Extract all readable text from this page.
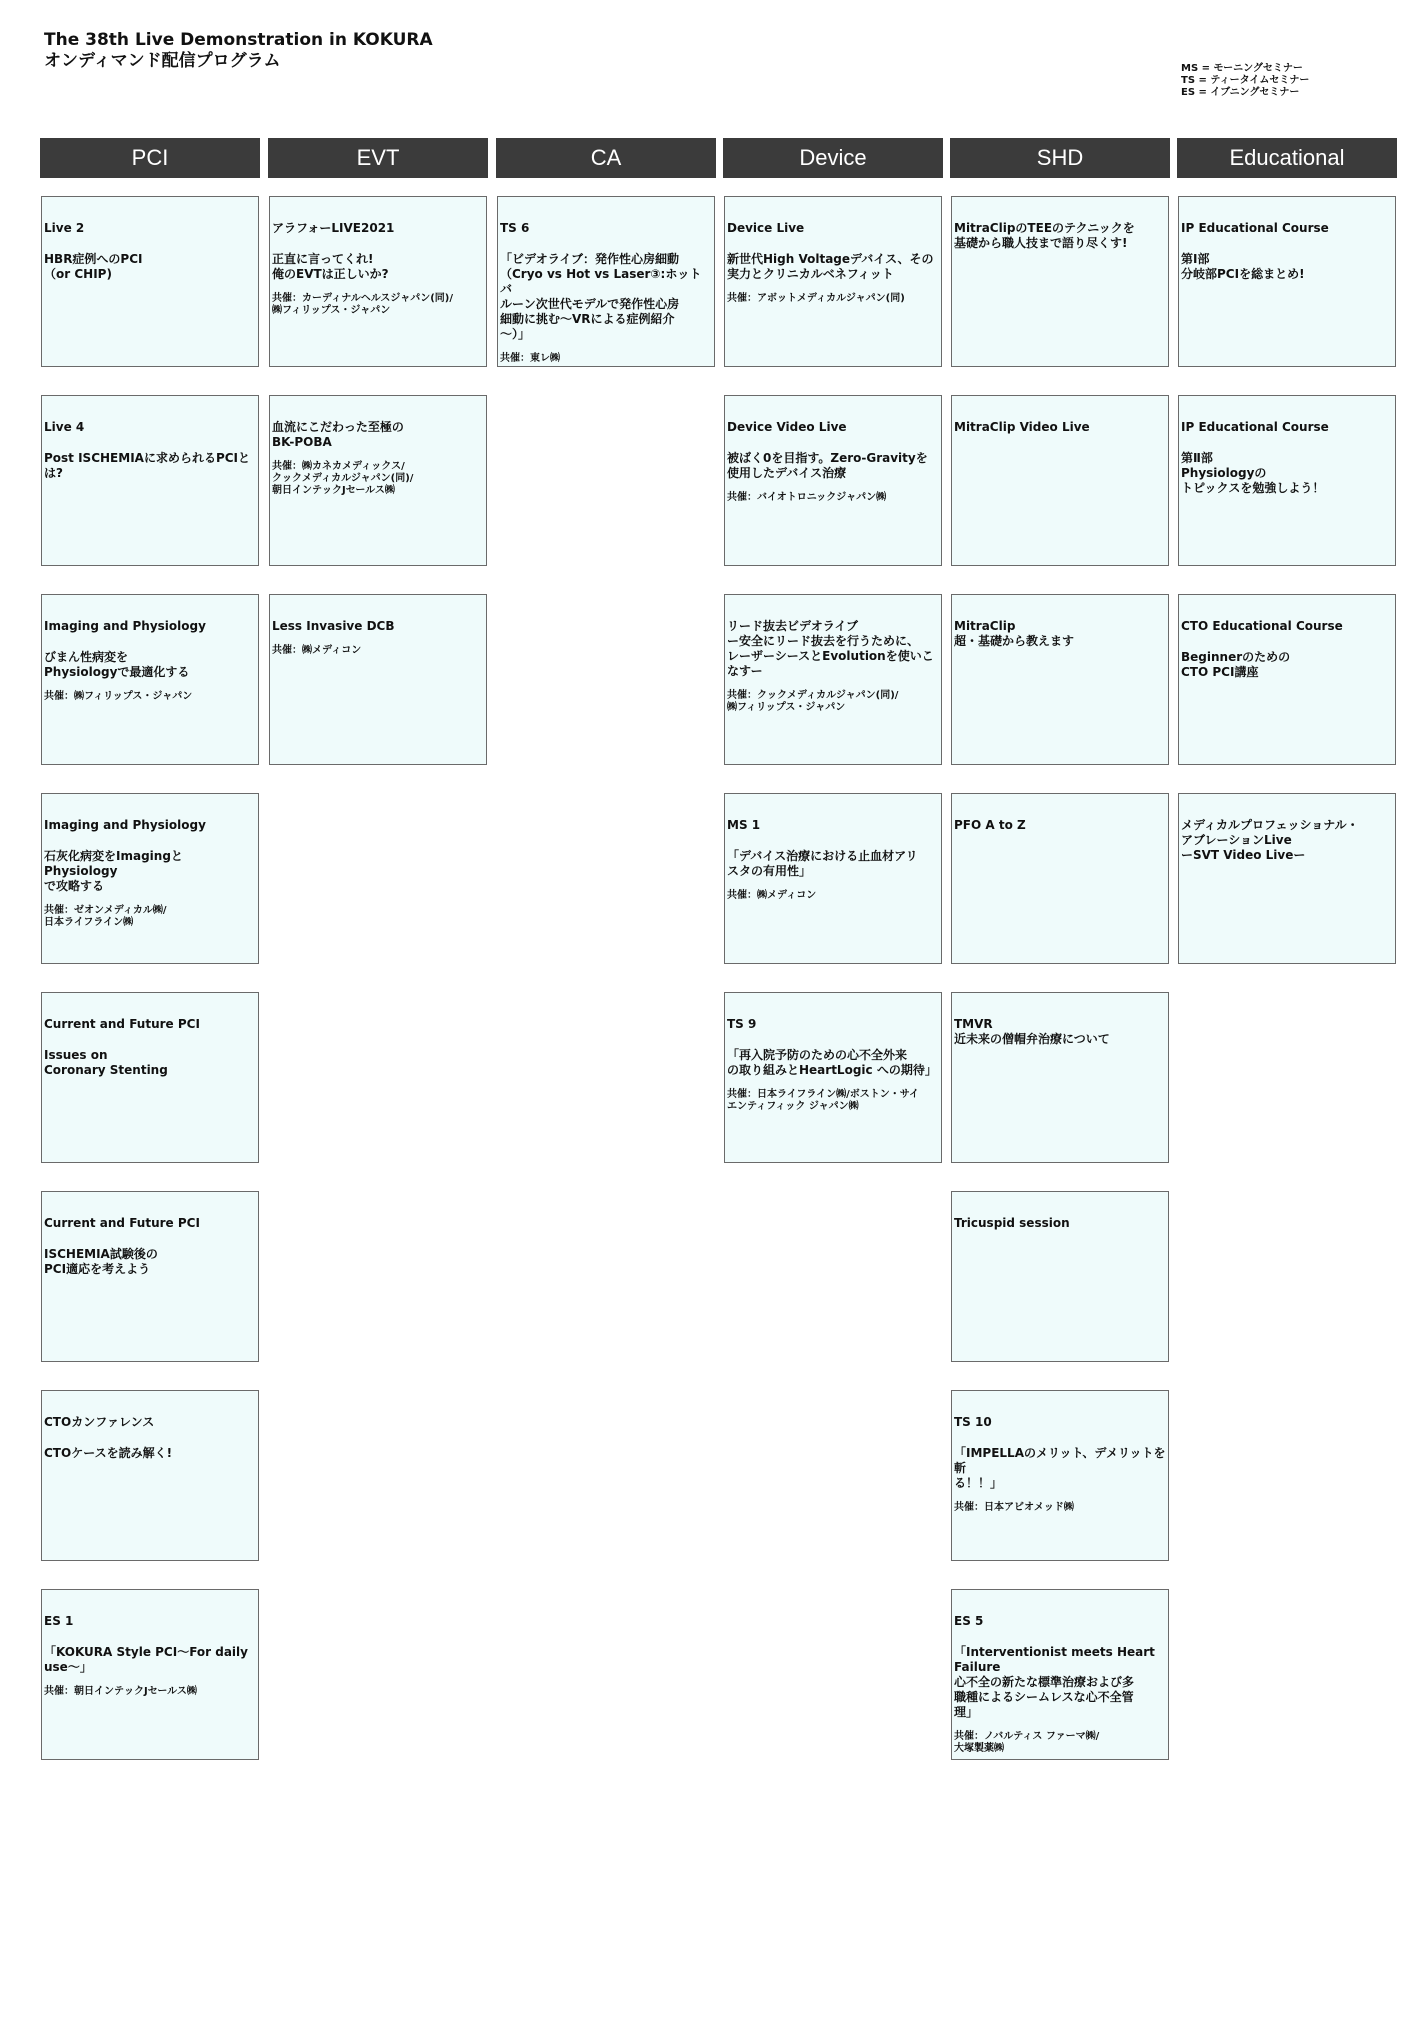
The 38th Live Demonstration in KOKURA
オンディマンド配信プログラム	MS = モーニングセミナー
TS = ティータイムセミナー
ES = イブニングセミナー
PCI
Live 2
HBR症例へのPCI
（or CHIP)
Live 4
Post ISCHEMIAに求められるPCIと
は?
Imaging and Physiology
びまん性病変を
Physiologyで最適化する
共催：㈱フィリップス・ジャパン
Imaging and Physiology
石灰化病変をImagingとPhysiology
で攻略する
共催：ゼオンメディカル㈱/
日本ライフライン㈱
Current and Future PCI
Issues on
Coronary Stenting
Current and Future PCI
ISCHEMIA試験後の
PCI適応を考えよう
CTOカンファレンス
CTOケースを読み解く!
ES 1
「KOKURA Style PCI～For daily
use～」
共催：朝日インテックJセールス㈱
EVT
アラフォーLIVE2021
正直に言ってくれ!
俺のEVTは正しいか?
共催：カーディナルヘルスジャパン(同)/
㈱フィリップス・ジャパン
血流にこだわった至極の
BK-POBA
共催：㈱カネカメディックス/
クックメディカルジャパン(同)/
朝日インテックJセールス㈱
Less Invasive DCB
共催：㈱メディコン
CA
TS 6
「ビデオライブ：発作性心房細動
（Cryo vs Hot vs Laser③:ホットバ
ルーン次世代モデルで発作性心房
細動に挑む～VRによる症例紹介
～）」
共催：東レ㈱
Device
Device Live
新世代High Voltageデバイス、その
実力とクリニカルベネフィット
共催：アボットメディカルジャパン(同)
Device Video Live
被ばく0を目指す。Zero-Gravityを
使用したデバイス治療
共催：バイオトロニックジャパン㈱
リード抜去ビデオライブ
ー安全にリード抜去を行うために、
レーザーシースとEvolutionを使いこ
なすー
共催：クックメディカルジャパン(同)/
㈱フィリップス・ジャパン
MS 1
「デバイス治療における止血材アリ
スタの有用性」
共催：㈱メディコン
TS 9
「再入院予防のための心不全外来
の取り組みとHeartLogic への期待」
共催：日本ライフライン㈱/ボストン・サイ
エンティフィック ジャパン㈱
SHD
MitraClipのTEEのテクニックを
基礎から職人技まで語り尽くす!
MitraClip Video Live
MitraClip
超・基礎から教えます
PFO A to Z
TMVR
近未来の僧帽弁治療について
Tricuspid session
TS 10
「IMPELLAのメリット、デメリットを斬
る！！」
共催：日本アビオメッド㈱
ES 5
「Interventionist meets Heart
Failure
心不全の新たな標準治療および多
職種によるシームレスな心不全管
理」
共催：ノバルティス ファーマ㈱/
大塚製薬㈱
Educational
IP Educational Course
第Ⅰ部
分岐部PCIを総まとめ!
IP Educational Course
第Ⅱ部
Physiologyの
トピックスを勉強しよう！
CTO Educational Course
Beginnerのための
CTO PCI講座
メディカルプロフェッショナル・
アブレーションLive
ーSVT Video Liveー
